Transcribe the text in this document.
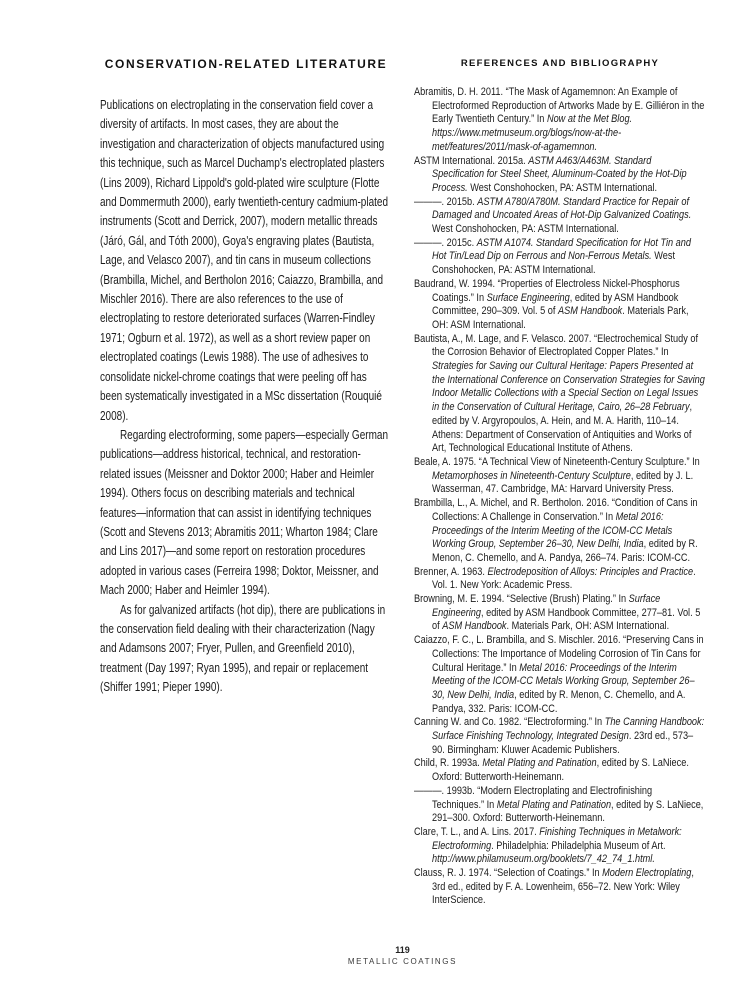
CONSERVATION-RELATED LITERATURE

Publications on electroplating in the conservation field cover a diversity of artifacts. In most cases, they are about the investigation and characterization of objects manufactured using this technique, such as Marcel Duchamp's electroplated plasters (Lins 2009), Richard Lippold's gold-plated wire sculpture (Flotte and Dommermuth 2000), early twentieth-century cadmium-plated instruments (Scott and Derrick, 2007), modern metallic threads (Járó, Gál, and Tóth 2000), Goya's engraving plates (Bautista, Lage, and Velasco 2007), and tin cans in museum collections (Brambilla, Michel, and Bertholon 2016; Caiazzo, Brambilla, and Mischler 2016). There are also references to the use of electroplating to restore deteriorated surfaces (Warren-Findley 1971; Ogburn et al. 1972), as well as a short review paper on electroplated coatings (Lewis 1988). The use of adhesives to consolidate nickel-chrome coatings that were peeling off has been systematically investigated in a MSc dissertation (Rouquié 2008).

Regarding electroforming, some papers—especially German publications—address historical, technical, and restoration-related issues (Meissner and Doktor 2000; Haber and Heimler 1994). Others focus on describing materials and technical features—information that can assist in identifying techniques (Scott and Stevens 2013; Abramitis 2011; Wharton 1984; Clare and Lins 2017)—and some report on restoration procedures adopted in various cases (Ferreira 1998; Doktor, Meissner, and Mach 2000; Haber and Heimler 1994).

As for galvanized artifacts (hot dip), there are publications in the conservation field dealing with their characterization (Nagy and Adamsons 2007; Fryer, Pullen, and Greenfield 2010), treatment (Day 1997; Ryan 1995), and repair or replacement (Shiffer 1991; Pieper 1990).

REFERENCES AND BIBLIOGRAPHY
Abramitis, D. H. 2011. “The Mask of Agamemnon: An Example of Electroformed Reproduction of Artworks Made by E. Gilliéron in the Early Twentieth Century.” In Now at the Met Blog. https://www.metmuseum.org/blogs/now-at-the-met/features/2011/mask-of-agamemnon.
ASTM International. 2015a. ASTM A463/A463M. Standard Specification for Steel Sheet, Aluminum-Coated by the Hot-Dip Process. West Conshohocken, PA: ASTM International.
———. 2015b. ASTM A780/A780M. Standard Practice for Repair of Damaged and Uncoated Areas of Hot-Dip Galvanized Coatings. West Conshohocken, PA: ASTM International.
———. 2015c. ASTM A1074. Standard Specification for Hot Tin and Hot Tin/Lead Dip on Ferrous and Non-Ferrous Metals. West Conshohocken, PA: ASTM International.
Baudrand, W. 1994. “Properties of Electroless Nickel-Phosphorus Coatings.” In Surface Engineering, edited by ASM Handbook Committee, 290–309. Vol. 5 of ASM Handbook. Materials Park, OH: ASM International.
Bautista, A., M. Lage, and F. Velasco. 2007. “Electrochemical Study of the Corrosion Behavior of Electroplated Copper Plates.” In Strategies for Saving our Cultural Heritage: Papers Presented at the International Conference on Conservation Strategies for Saving Indoor Metallic Collections with a Special Section on Legal Issues in the Conservation of Cultural Heritage, Cairo, 26–28 February, edited by V. Argyropoulos, A. Hein, and M. A. Harith, 110–14. Athens: Department of Conservation of Antiquities and Works of Art, Technological Educational Institute of Athens.
Beale, A. 1975. “A Technical View of Nineteenth-Century Sculpture.” In Metamorphoses in Nineteenth-Century Sculpture, edited by J. L. Wasserman, 47. Cambridge, MA: Harvard University Press.
Brambilla, L., A. Michel, and R. Bertholon. 2016. “Condition of Cans in Collections: A Challenge in Conservation.” In Metal 2016: Proceedings of the Interim Meeting of the ICOM-CC Metals Working Group, September 26–30, New Delhi, India, edited by R. Menon, C. Chemello, and A. Pandya, 266–74. Paris: ICOM-CC.
Brenner, A. 1963. Electrodeposition of Alloys: Principles and Practice. Vol. 1. New York: Academic Press.
Browning, M. E. 1994. “Selective (Brush) Plating.” In Surface Engineering, edited by ASM Handbook Committee, 277–81. Vol. 5 of ASM Handbook. Materials Park, OH: ASM International.
Caiazzo, F. C., L. Brambilla, and S. Mischler. 2016. “Preserving Cans in Collections: The Importance of Modeling Corrosion of Tin Cans for Cultural Heritage.” In Metal 2016: Proceedings of the Interim Meeting of the ICOM-CC Metals Working Group, September 26–30, New Delhi, India, edited by R. Menon, C. Chemello, and A. Pandya, 332. Paris: ICOM-CC.
Canning W. and Co. 1982. “Electroforming.” In The Canning Handbook: Surface Finishing Technology, Integrated Design. 23rd ed., 573–90. Birmingham: Kluwer Academic Publishers.
Child, R. 1993a. Metal Plating and Patination, edited by S. LaNiece. Oxford: Butterworth-Heinemann.
———. 1993b. “Modern Electroplating and Electrofinishing Techniques.” In Metal Plating and Patination, edited by S. LaNiece, 291–300. Oxford: Butterworth-Heinemann.
Clare, T. L., and A. Lins. 2017. Finishing Techniques in Metalwork: Electroforming. Philadelphia: Philadelphia Museum of Art. http://www.philamuseum.org/booklets/7_42_74_1.html.
Clauss, R. J. 1974. “Selection of Coatings.” In Modern Electroplating, 3rd ed., edited by F. A. Lowenheim, 656–72. New York: Wiley InterScience.
119
METALLIC COATINGS
